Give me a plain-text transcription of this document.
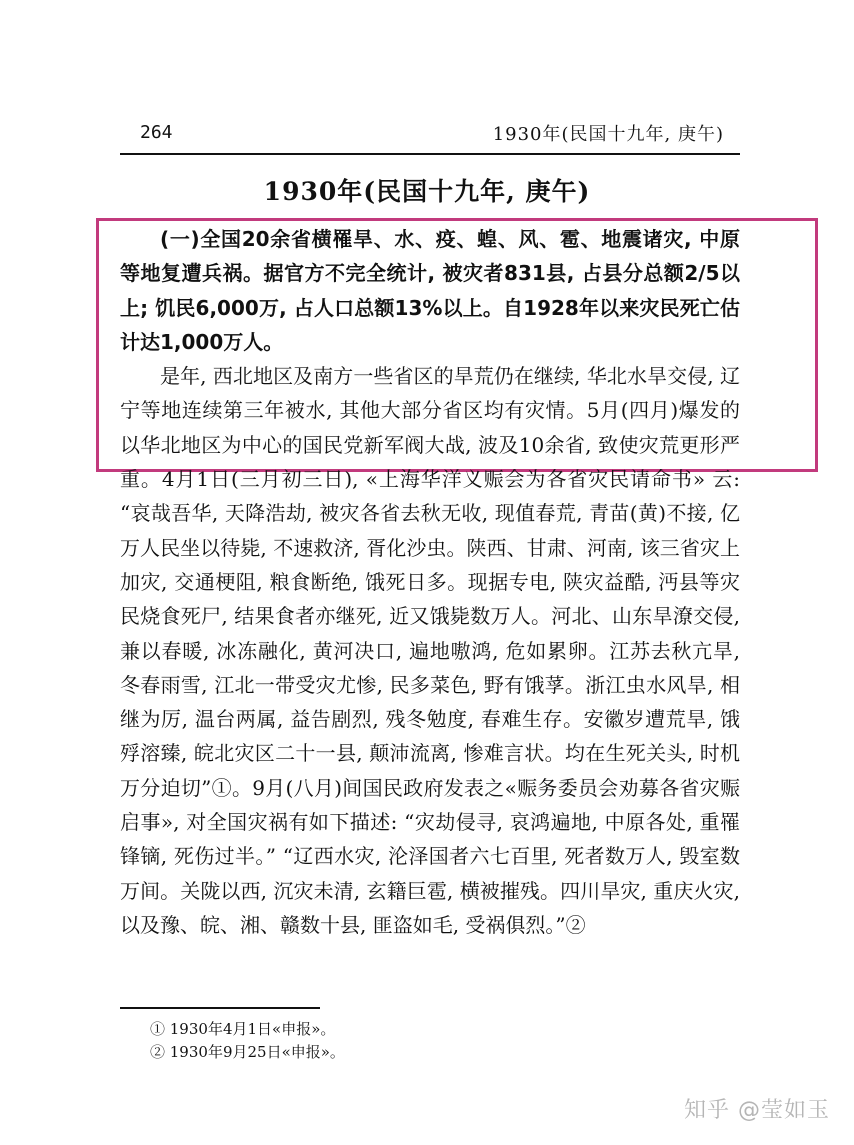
264	1930年(民国十九年, 庚午)
1930年(民国十九年, 庚午)

(一)全国20余省横罹旱、水、疫、蝗、风、雹、地震诸灾, 中原等地复遭兵祸。据官方不完全统计, 被灾者831县, 占县分总额2/5以上; 饥民6,000万, 占人口总额13%以上。自1928年以来灾民死亡估计达1,000万人。

是年, 西北地区及南方一些省区的旱荒仍在继续, 华北水旱交侵, 辽宁等地连续第三年被水, 其他大部分省区均有灾情。5月(四月)爆发的以华北地区为中心的国民党新军阀大战, 波及10余省, 致使灾荒更形严重。4月1日(三月初三日), «上海华洋义赈会为各省灾民请命书» 云: “哀哉吾华, 天降浩劫, 被灾各省去秋无收, 现值春荒, 青苗(黄)不接, 亿万人民坐以待毙, 不速救济, 胥化沙虫。陕西、甘肃、河南, 该三省灾上加灾, 交通梗阻, 粮食断绝, 饿死日多。现据专电, 陕灾益酷, 沔县等灾民烧食死尸, 结果食者亦继死, 近又饿毙数万人。河北、山东旱潦交侵, 兼以春暖, 冰冻融化, 黄河决口, 遍地嗷鸿, 危如累卵。江苏去秋亢旱, 冬春雨雪, 江北一带受灾尤惨, 民多菜色, 野有饿莩。浙江虫水风旱, 相继为厉, 温台两属, 益告剧烈, 残冬勉度, 春难生存。安徽岁遭荒旱, 饿殍溶臻, 皖北灾区二十一县, 颠沛流离, 惨难言状。均在生死关头, 时机万分迫切”①。9月(八月)间国民政府发表之«赈务委员会劝募各省灾赈启事», 对全国灾祸有如下描述: “灾劫侵寻, 哀鸿遍地, 中原各处, 重罹锋镝, 死伤过半。” “辽西水灾, 沦泽国者六七百里, 死者数万人, 毁室数万间。关陇以西, 沉灾未清, 玄籍巨雹, 横被摧残。四川旱灾, 重庆火灾, 以及豫、皖、湘、赣数十县, 匪盗如毛, 受祸俱烈。”②

① 1930年4月1日«申报»。
② 1930年9月25日«申报»。
知乎 @莹如玉
